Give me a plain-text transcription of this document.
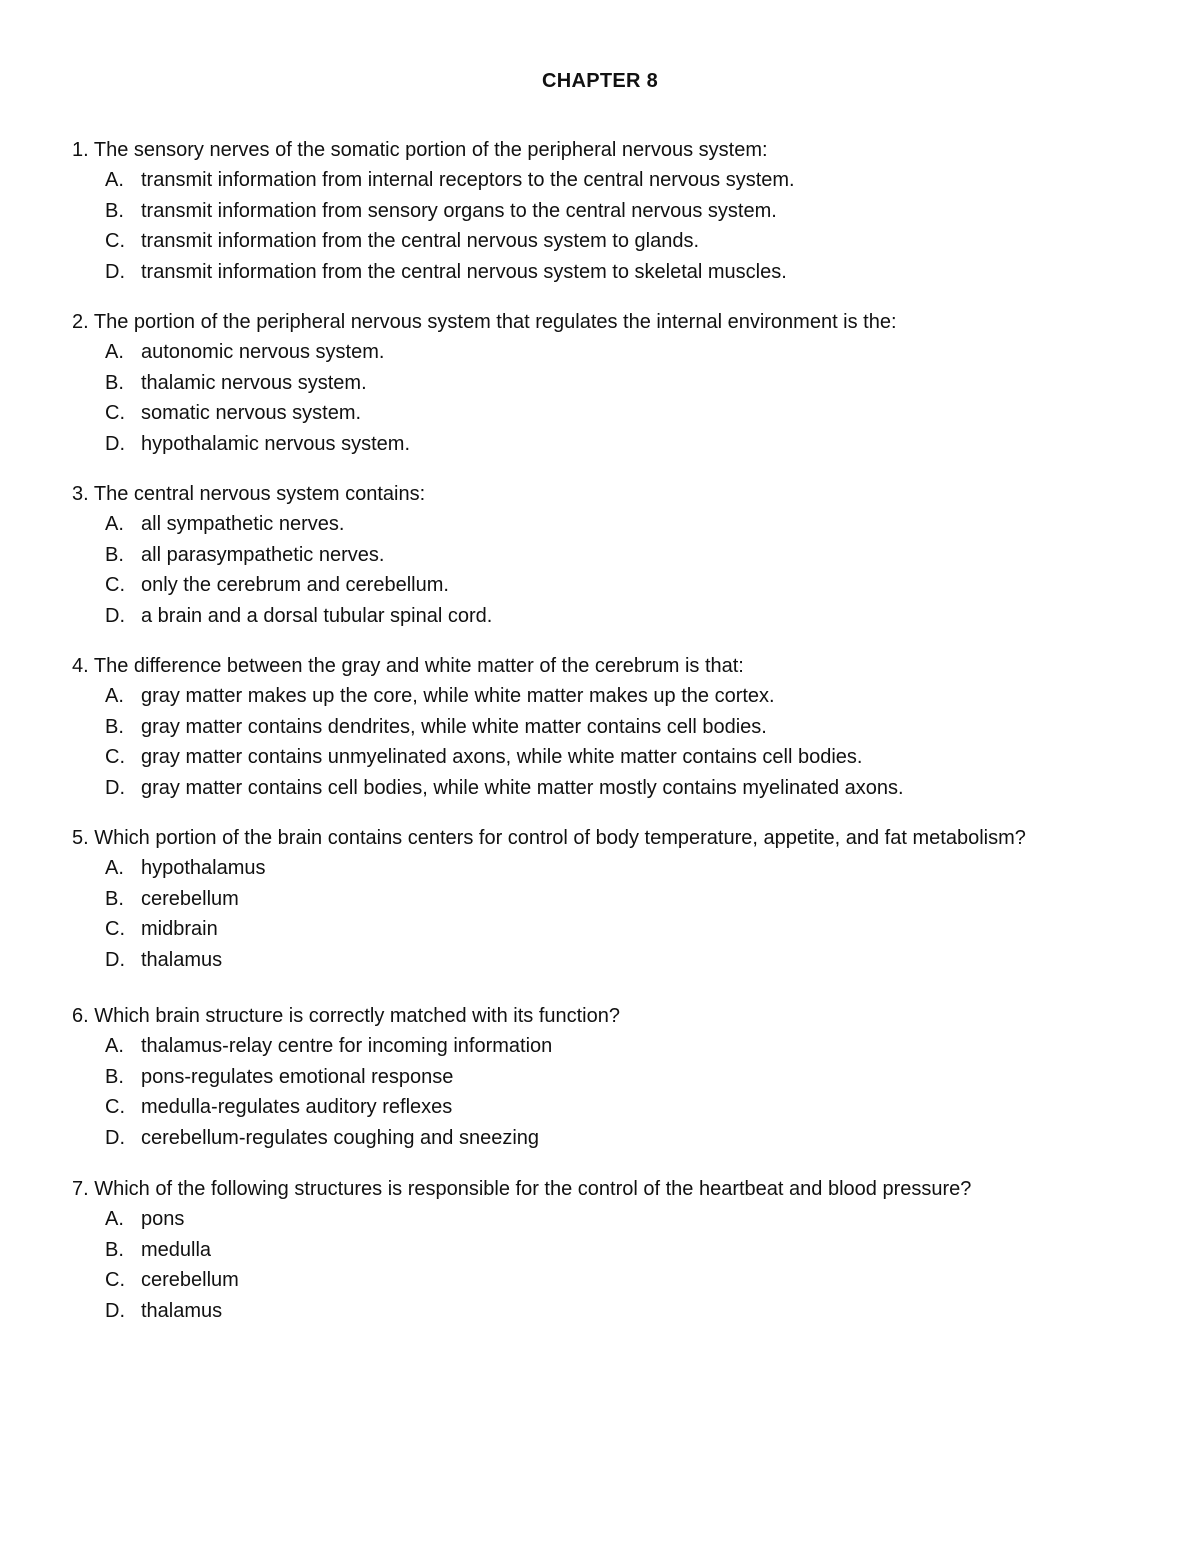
CHAPTER 8
1. The sensory nerves of the somatic portion of the peripheral nervous system:
A. transmit information from internal receptors to the central nervous system.
B. transmit information from sensory organs to the central nervous system.
C. transmit information from the central nervous system to glands.
D. transmit information from the central nervous system to skeletal muscles.
2. The portion of the peripheral nervous system that regulates the internal environment is the:
A. autonomic nervous system.
B. thalamic nervous system.
C. somatic nervous system.
D. hypothalamic nervous system.
3. The central nervous system contains:
A. all sympathetic nerves.
B. all parasympathetic nerves.
C. only the cerebrum and cerebellum.
D. a brain and a dorsal tubular spinal cord.
4. The difference between the gray and white matter of the cerebrum is that:
A. gray matter makes up the core, while white matter makes up the cortex.
B. gray matter contains dendrites, while white matter contains cell bodies.
C. gray matter contains unmyelinated axons, while white matter contains cell bodies.
D. gray matter contains cell bodies, while white matter mostly contains myelinated axons.
5. Which portion of the brain contains centers for control of body temperature, appetite, and fat metabolism?
A. hypothalamus
B. cerebellum
C. midbrain
D. thalamus
6. Which brain structure is correctly matched with its function?
A. thalamus-relay centre for incoming information
B. pons-regulates emotional response
C. medulla-regulates auditory reflexes
D. cerebellum-regulates coughing and sneezing
7. Which of the following structures is responsible for the control of the heartbeat and blood pressure?
A. pons
B. medulla
C. cerebellum
D. thalamus
